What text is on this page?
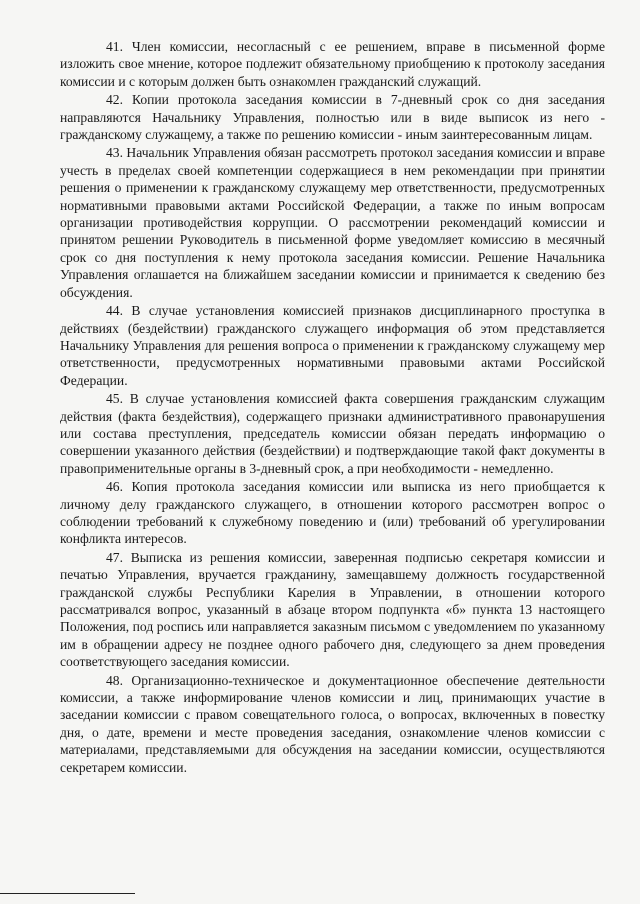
41. Член комиссии, несогласный с ее решением, вправе в письменной форме изложить свое мнение, которое подлежит обязательному приобщению к протоколу заседания комиссии и с которым должен быть ознакомлен гражданский служащий.

42. Копии протокола заседания комиссии в 7-дневный срок со дня заседания направляются Начальнику Управления, полностью или в виде выписок из него - гражданскому служащему, а также по решению комиссии - иным заинтересованным лицам.

43. Начальник Управления обязан рассмотреть протокол заседания комиссии и вправе учесть в пределах своей компетенции содержащиеся в нем рекомендации при принятии решения о применении к гражданскому служащему мер ответственности, предусмотренных нормативными правовыми актами Российской Федерации, а также по иным вопросам организации противодействия коррупции. О рассмотрении рекомендаций комиссии и принятом решении Руководитель в письменной форме уведомляет комиссию в месячный срок со дня поступления к нему протокола заседания комиссии. Решение Начальника Управления оглашается на ближайшем заседании комиссии и принимается к сведению без обсуждения.

44. В случае установления комиссией признаков дисциплинарного проступка в действиях (бездействии) гражданского служащего информация об этом представляется Начальнику Управления для решения вопроса о применении к гражданскому служащему мер ответственности, предусмотренных нормативными правовыми актами Российской Федерации.

45. В случае установления комиссией факта совершения гражданским служащим действия (факта бездействия), содержащего признаки административного правонарушения или состава преступления, председатель комиссии обязан передать информацию о совершении указанного действия (бездействии) и подтверждающие такой факт документы в правоприменительные органы в 3-дневный срок, а при необходимости - немедленно.

46. Копия протокола заседания комиссии или выписка из него приобщается к личному делу гражданского служащего, в отношении которого рассмотрен вопрос о соблюдении требований к служебному поведению и (или) требований об урегулировании конфликта интересов.

47. Выписка из решения комиссии, заверенная подписью секретаря комиссии и печатью Управления, вручается гражданину, замещавшему должность государственной гражданской службы Республики Карелия в Управлении, в отношении которого рассматривался вопрос, указанный в абзаце втором подпункта «б» пункта 13 настоящего Положения, под роспись или направляется заказным письмом с уведомлением по указанному им в обращении адресу не позднее одного рабочего дня, следующего за днем проведения соответствующего заседания комиссии.

48. Организационно-техническое и документационное обеспечение деятельности комиссии, а также информирование членов комиссии и лиц, принимающих участие в заседании комиссии с правом совещательного голоса, о вопросах, включенных в повестку дня, о дате, времени и месте проведения заседания, ознакомление членов комиссии с материалами, представляемыми для обсуждения на заседании комиссии, осуществляются секретарем комиссии.
